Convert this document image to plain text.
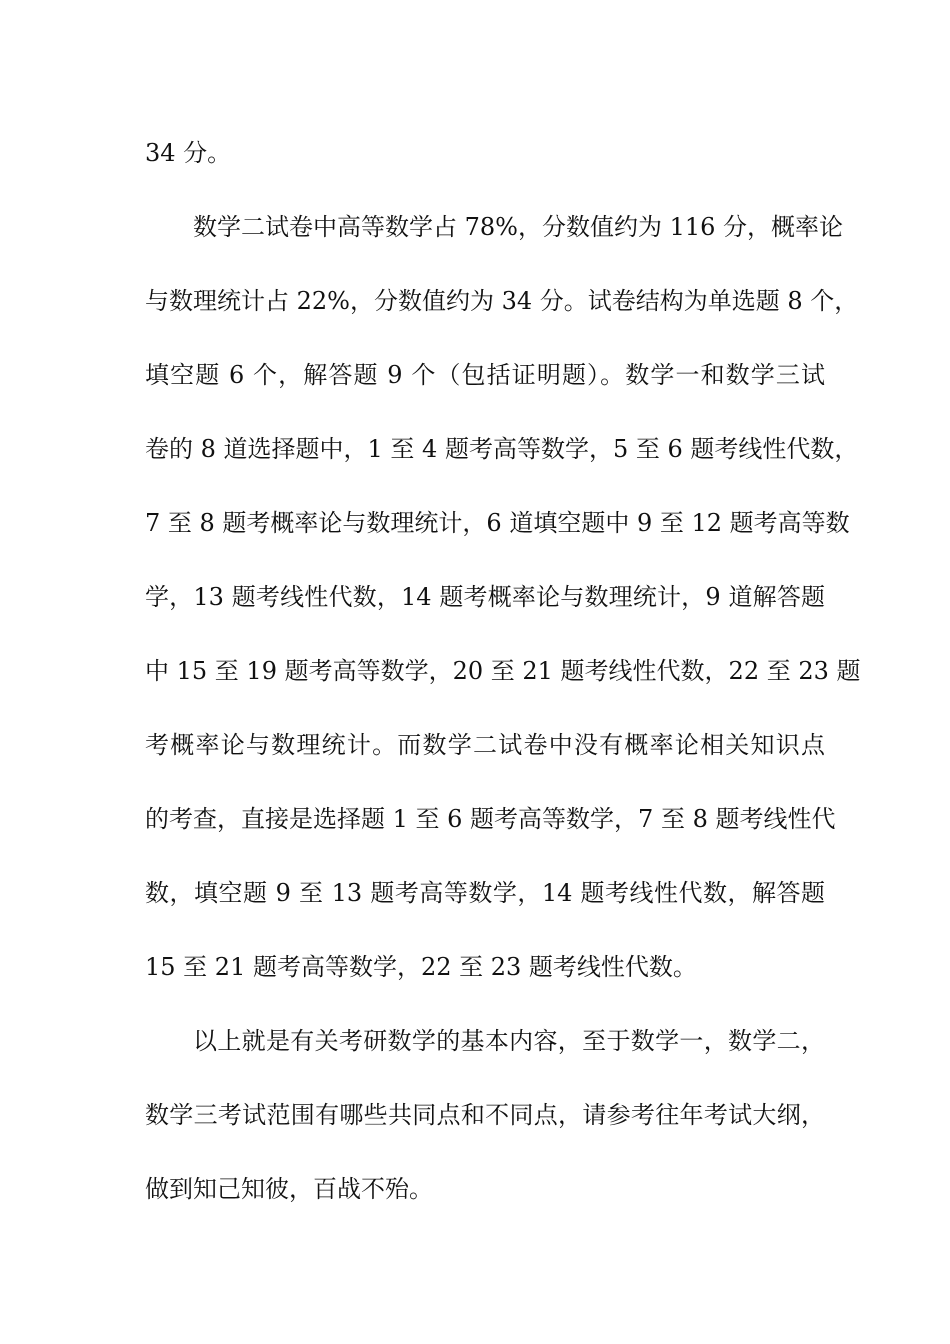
34 分。
数学二试卷中高等数学占 78%，分数值约为 116 分，概率论
与数理统计占 22%，分数值约为 34 分。试卷结构为单选题 8 个，
填空题 6 个，解答题 9 个（包括证明题）。数学一和数学三试
卷的 8 道选择题中，1 至 4 题考高等数学，5 至 6 题考线性代数，
7 至 8 题考概率论与数理统计，6 道填空题中 9 至 12 题考高等数
学，13 题考线性代数，14 题考概率论与数理统计，9 道解答题
中 15 至 19 题考高等数学，20 至 21 题考线性代数，22 至 23 题
考概率论与数理统计。而数学二试卷中没有概率论相关知识点
的考查，直接是选择题 1 至 6 题考高等数学，7 至 8 题考线性代
数，填空题 9 至 13 题考高等数学，14 题考线性代数，解答题
15 至 21 题考高等数学，22 至 23 题考线性代数。
以上就是有关考研数学的基本内容，至于数学一，数学二，
数学三考试范围有哪些共同点和不同点，请参考往年考试大纲，
做到知己知彼，百战不殆。
